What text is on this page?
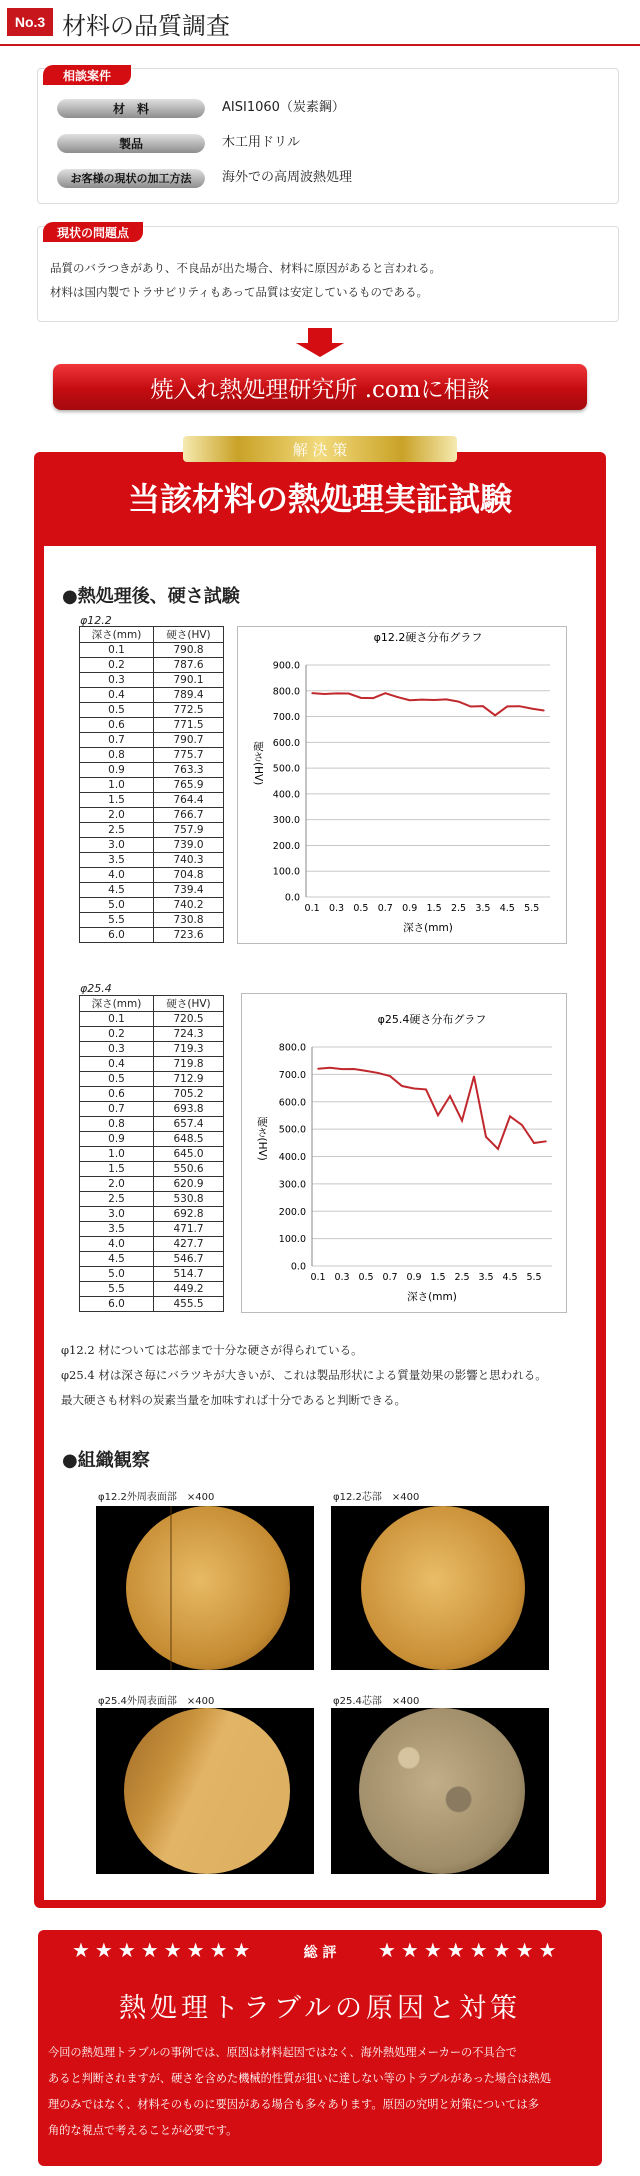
No.3 材料の品質調査
相談案件
材　料	AISI1060（炭素鋼）
製品	木工用ドリル
お客様の現状の加工方法	海外での高周波熱処理
現状の問題点
品質のバラつきがあり、不良品が出た場合、材料に原因があると言われる。
材料は国内製でトラサビリティもあって品質は安定しているものである。
焼入れ熱処理研究所 .comに相談
解 決 策
当該材料の熱処理実証試験
●熱処理後、硬さ試験
φ12.2
深さ(mm)	硬さ(HV)
0.1	790.8
0.2	787.6
0.3	790.1
0.4	789.4
0.5	772.5
0.6	771.5
0.7	790.7
0.8	775.7
0.9	763.3
1.0	765.9
1.5	764.4
2.0	766.7
2.5	757.9
3.0	739.0
3.5	740.3
4.0	704.8
4.5	739.4
5.0	740.2
5.5	730.8
6.0	723.6
φ12.2硬さ分布グラフ
0.0
100.0
200.0
300.0
400.0
500.0
600.0
700.0
800.0
900.0
0.1 0.3 0.5 0.7 0.9 1.5 2.5 3.5 4.5 5.5
深さ(mm)
硬さ(HV)
φ25.4
深さ(mm)	硬さ(HV)
0.1	720.5
0.2	724.3
0.3	719.3
0.4	719.8
0.5	712.9
0.6	705.2
0.7	693.8
0.8	657.4
0.9	648.5
1.0	645.0
1.5	550.6
2.0	620.9
2.5	530.8
3.0	692.8
3.5	471.7
4.0	427.7
4.5	546.7
5.0	514.7
5.5	449.2
6.0	455.5
φ25.4硬さ分布グラフ
0.0
100.0
200.0
300.0
400.0
500.0
600.0
700.0
800.0
0.1 0.3 0.5 0.7 0.9 1.5 2.5 3.5 4.5 5.5
深さ(mm)
硬さ(HV)
φ12.2 材については芯部まで十分な硬さが得られている。
φ25.4 材は深さ毎にバラツキが大きいが、これは製品形状による質量効果の影響と思われる。
最大硬さも材料の炭素当量を加味すれば十分であると判断できる。
●組織観察
φ12.2外周表面部　×400	φ12.2芯部　×400
φ25.4外周表面部　×400	φ25.4芯部　×400
★★★★★★★★	総 評	★★★★★★★★
熱処理トラブルの原因と対策
今回の熱処理トラブルの事例では、原因は材料起因ではなく、海外熱処理メーカーの不具合で
あると判断されますが、硬さを含めた機械的性質が狙いに達しない等のトラブルがあった場合は熱処
理のみではなく、材料そのものに要因がある場合も多々あります。原因の究明と対策については多
角的な視点で考えることが必要です。
